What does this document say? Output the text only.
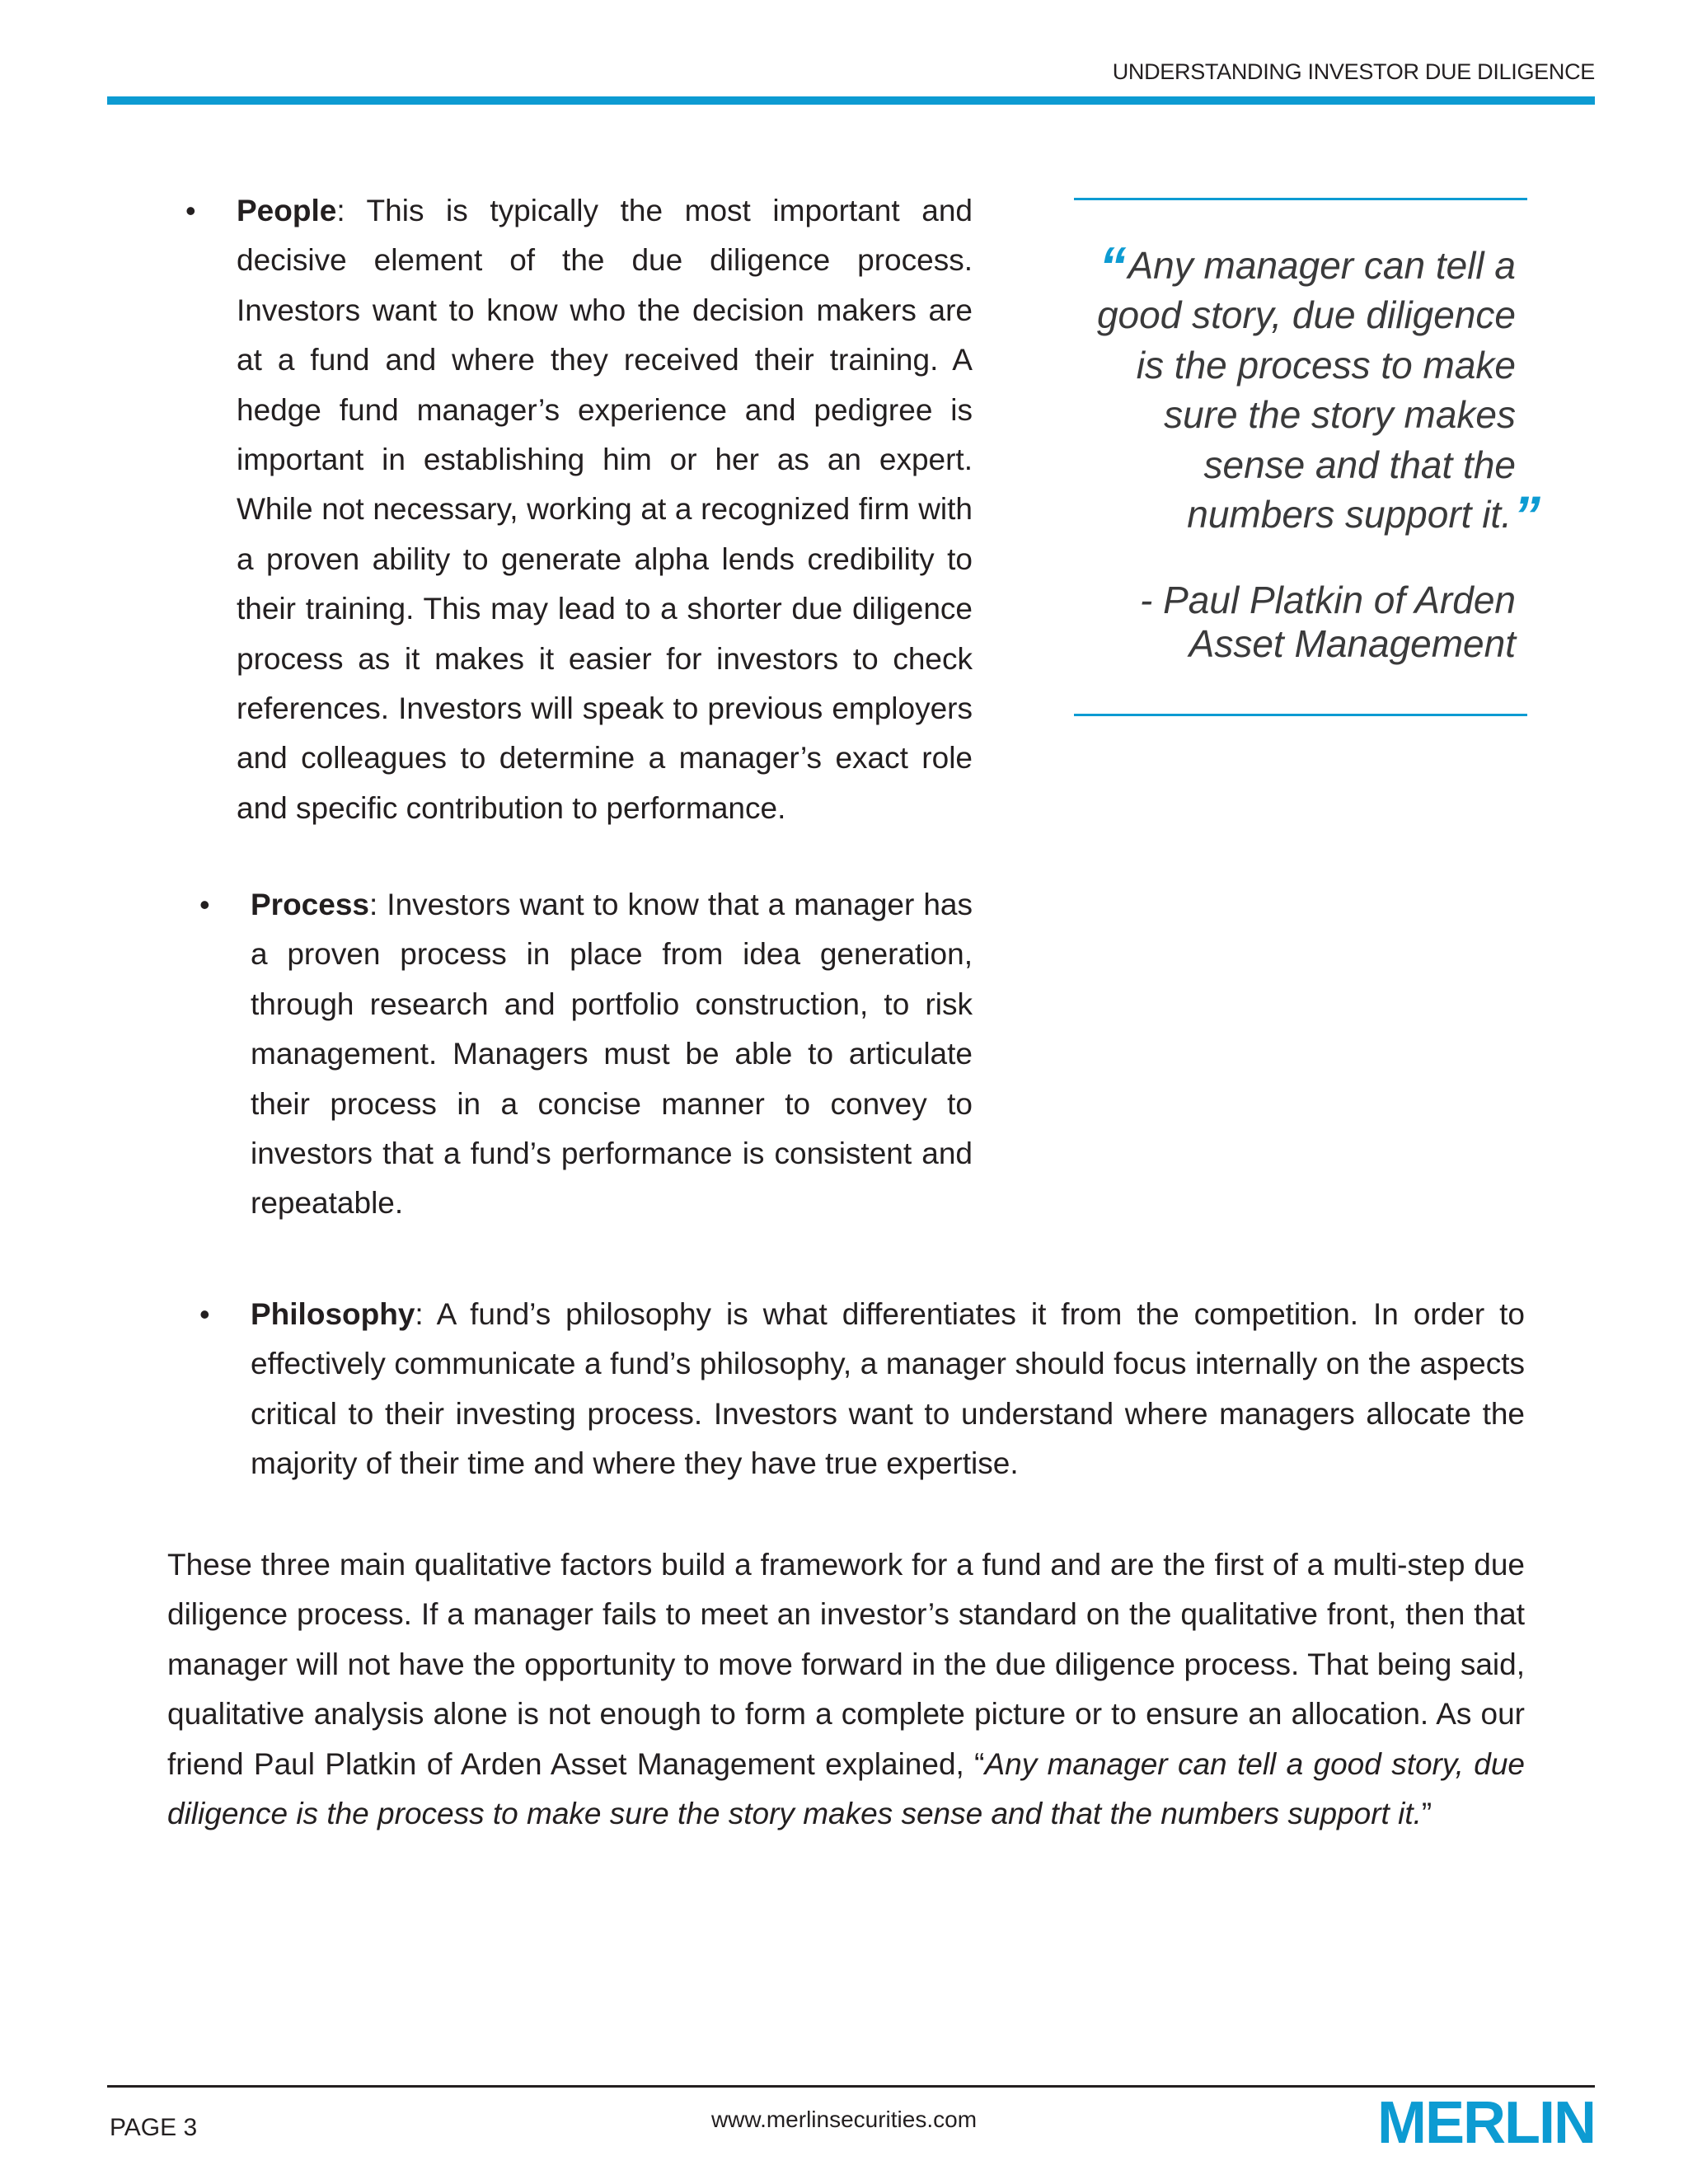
UNDERSTANDING INVESTOR DUE DILIGENCE
• People: This is typically the most important and decisive element of the due diligence process. Investors want to know who the decision makers are at a fund and where they received their training. A hedge fund manager’s experience and pedigree is important in establishing him or her as an expert. While not necessary, working at a recognized firm with a proven ability to generate alpha lends credibility to their training. This may lead to a shorter due diligence process as it makes it easier for investors to check references. Investors will speak to previous employers and colleagues to determine a manager’s exact role and specific contribution to performance.
• Process: Investors want to know that a manager has a proven process in place from idea generation, through research and portfolio construction, to risk management. Managers must be able to articulate their process in a concise manner to convey to investors that a fund’s performance is consistent and repeatable.
• Philosophy: A fund’s philosophy is what differentiates it from the competition. In order to effectively communicate a fund’s philosophy, a manager should focus internally on the aspects critical to their investing process. Investors want to understand where managers allocate the majority of their time and where they have true expertise.

These three main qualitative factors build a framework for a fund and are the first of a multi-step due diligence process. If a manager fails to meet an investor’s standard on the qualitative front, then that manager will not have the opportunity to move forward in the due diligence process. That being said, qualitative analysis alone is not enough to form a complete picture or to ensure an allocation. As our friend Paul Platkin of Arden Asset Management explained, “Any manager can tell a good story, due diligence is the process to make sure the story makes sense and that the numbers support it.”

“Any manager can tell a
good story, due diligence
is the process to make
sure the story makes
sense and that the
numbers support it.”
- Paul Platkin of Arden
Asset Management
PAGE 3	www.merlinsecurities.com	MERLIN
